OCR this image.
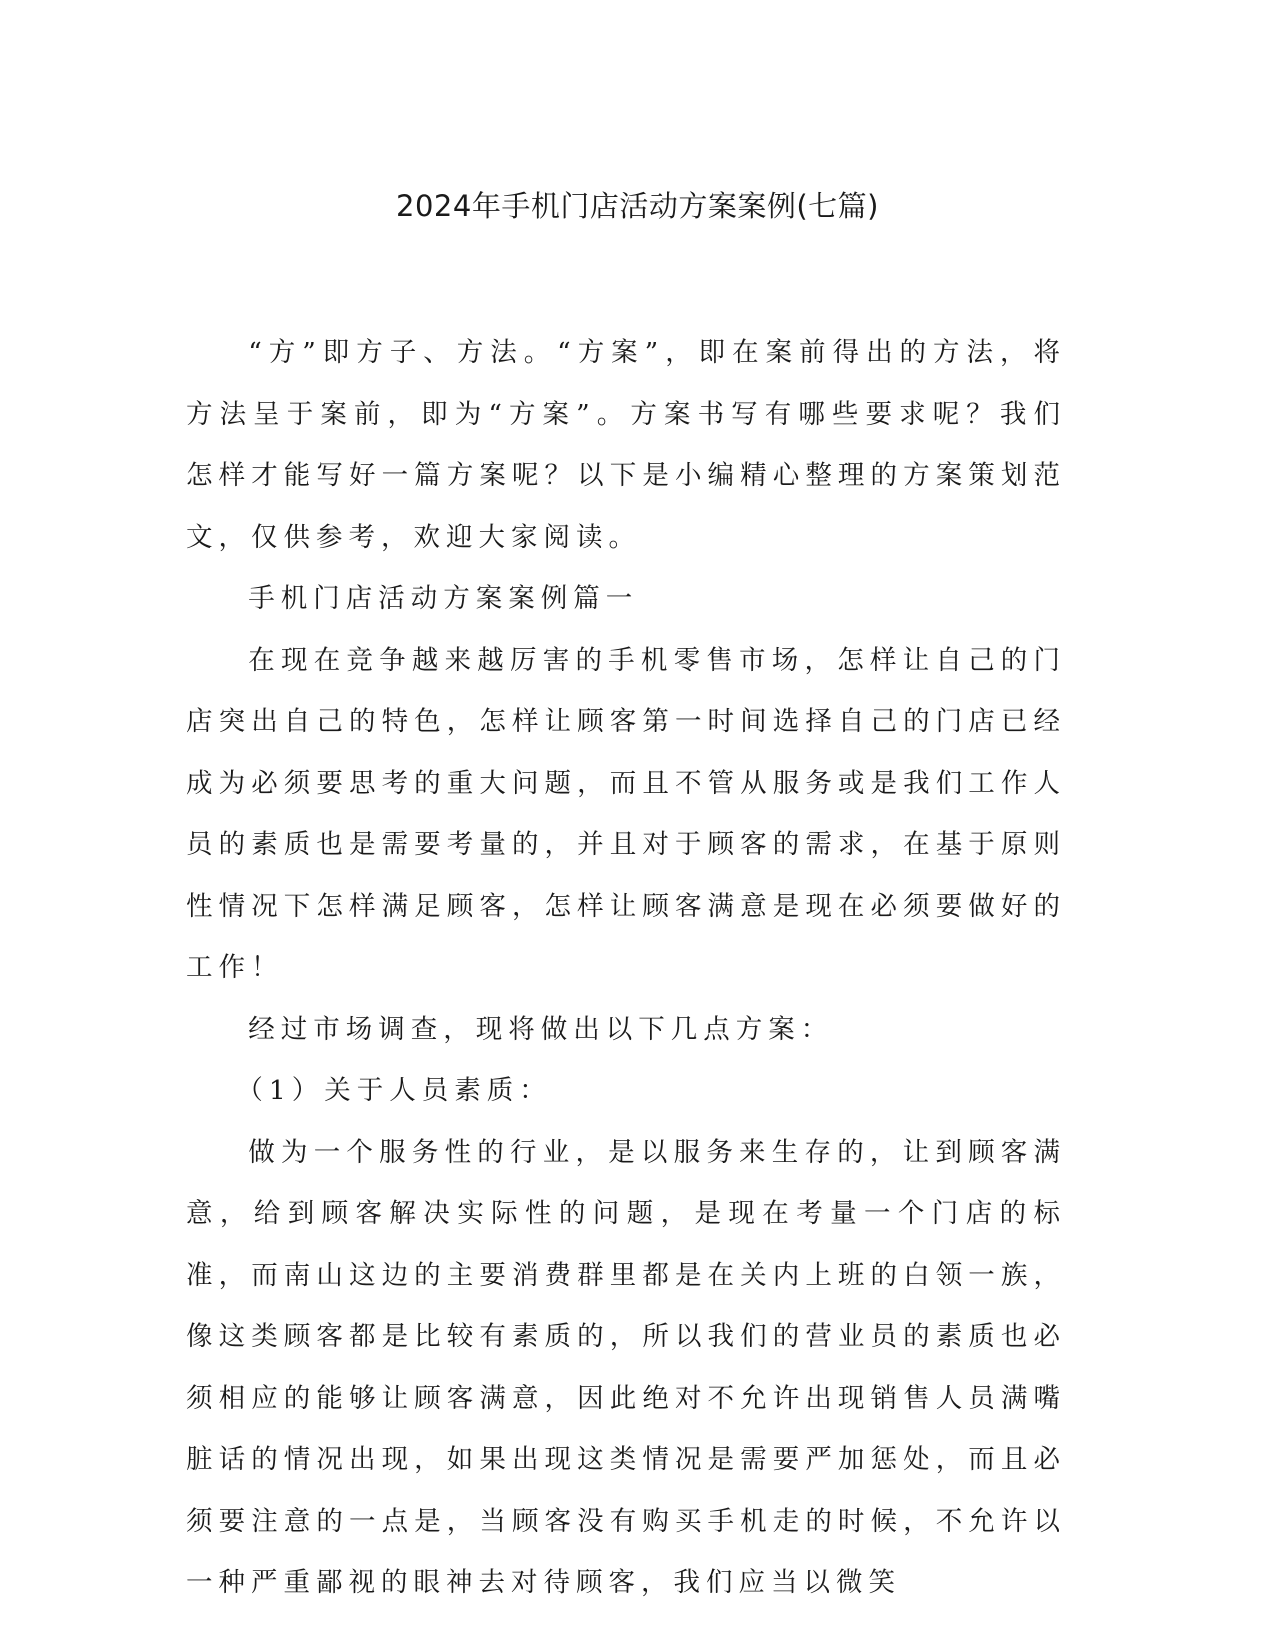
2024年手机门店活动方案案例(七篇)

“方”即方子、方法。“方案”，即在案前得出的方法，将方法呈于案前，即为“方案”。方案书写有哪些要求呢？我们怎样才能写好一篇方案呢？以下是小编精心整理的方案策划范文，仅供参考，欢迎大家阅读。

手机门店活动方案案例篇一

在现在竞争越来越厉害的手机零售市场，怎样让自己的门店突出自己的特色，怎样让顾客第一时间选择自己的门店已经成为必须要思考的重大问题，而且不管从服务或是我们工作人员的素质也是需要考量的，并且对于顾客的需求，在基于原则性情况下怎样满足顾客，怎样让顾客满意是现在必须要做好的工作！

经过市场调查，现将做出以下几点方案：

（1）关于人员素质：

做为一个服务性的行业，是以服务来生存的，让到顾客满意，给到顾客解决实际性的问题，是现在考量一个门店的标准，而南山这边的主要消费群里都是在关内上班的白领一族，像这类顾客都是比较有素质的，所以我们的营业员的素质也必须相应的能够让顾客满意，因此绝对不允许出现销售人员满嘴脏话的情况出现，如果出现这类情况是需要严加惩处，而且必须要注意的一点是，当顾客没有购买手机走的时候，不允许以一种严重鄙视的眼神去对待顾客，我们应当以微笑
